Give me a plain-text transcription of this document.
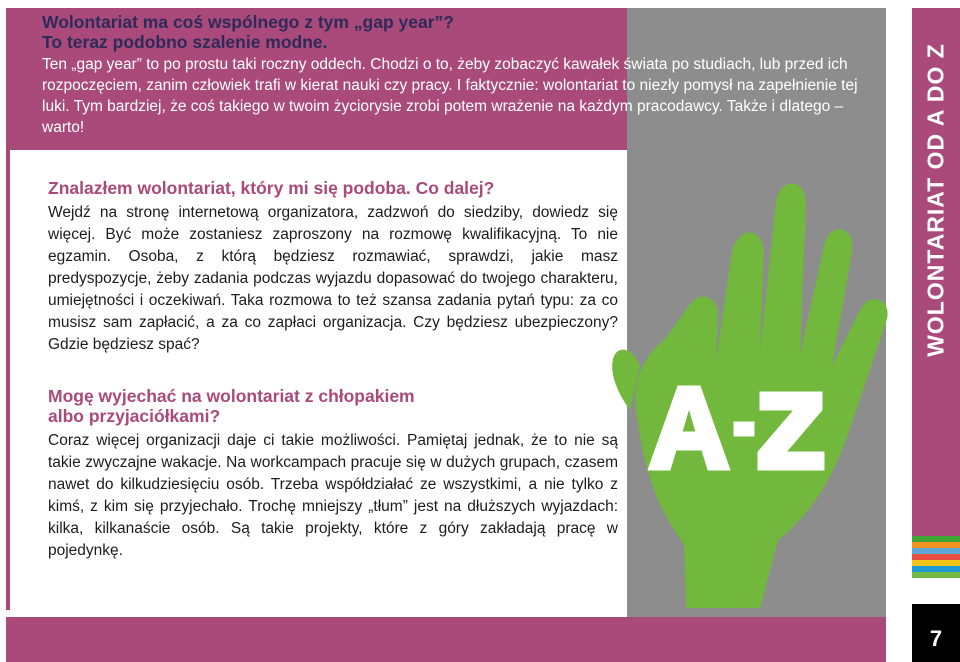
A-Z	WOLONTARIAT OD A DO Z
7
Wolontariat ma coś wspólnego z tym „gap year”?
To teraz podobno szalenie modne.

Ten „gap year” to po prostu taki roczny oddech. Chodzi o to, żeby zobaczyć kawałek świata po studiach, lub przed ich rozpoczęciem, zanim człowiek trafi w kierat nauki czy pracy. I faktycznie: wolontariat to niezły pomysł na zapełnienie tej luki. Tym bardziej, że coś takiego w twoim życiorysie zrobi potem wrażenie na każdym pracodawcy. Także i dlatego – warto!

Znalazłem wolontariat, który mi się podoba. Co dalej?

Wejdź na stronę internetową organizatora, zadzwoń do siedziby, dowiedz się więcej. Być może zostaniesz zaproszony na rozmowę kwalifikacyjną. To nie egzamin. Osoba, z którą będziesz rozmawiać, sprawdzi, jakie masz predyspozycje, żeby zadania podczas wyjazdu dopasować do twojego charakteru, umiejętności i oczekiwań. Taka rozmowa to też szansa zadania pytań typu: za co musisz sam zapłacić, a za co zapłaci organizacja. Czy będziesz ubezpieczony? Gdzie będziesz spać?

Mogę wyjechać na wolontariat z chłopakiem
albo przyjaciółkami?

Coraz więcej organizacji daje ci takie możliwości. Pamiętaj jednak, że to nie są takie zwyczajne wakacje. Na workcampach pracuje się w dużych grupach, czasem nawet do kilkudziesięciu osób. Trzeba współdziałać ze wszystkimi, a nie tylko z kimś, z kim się przyjechało. Trochę mniejszy „tłum” jest na dłuższych wyjazdach: kilka, kilkanaście osób. Są takie projekty, które z góry zakładają pracę w pojedynkę.
